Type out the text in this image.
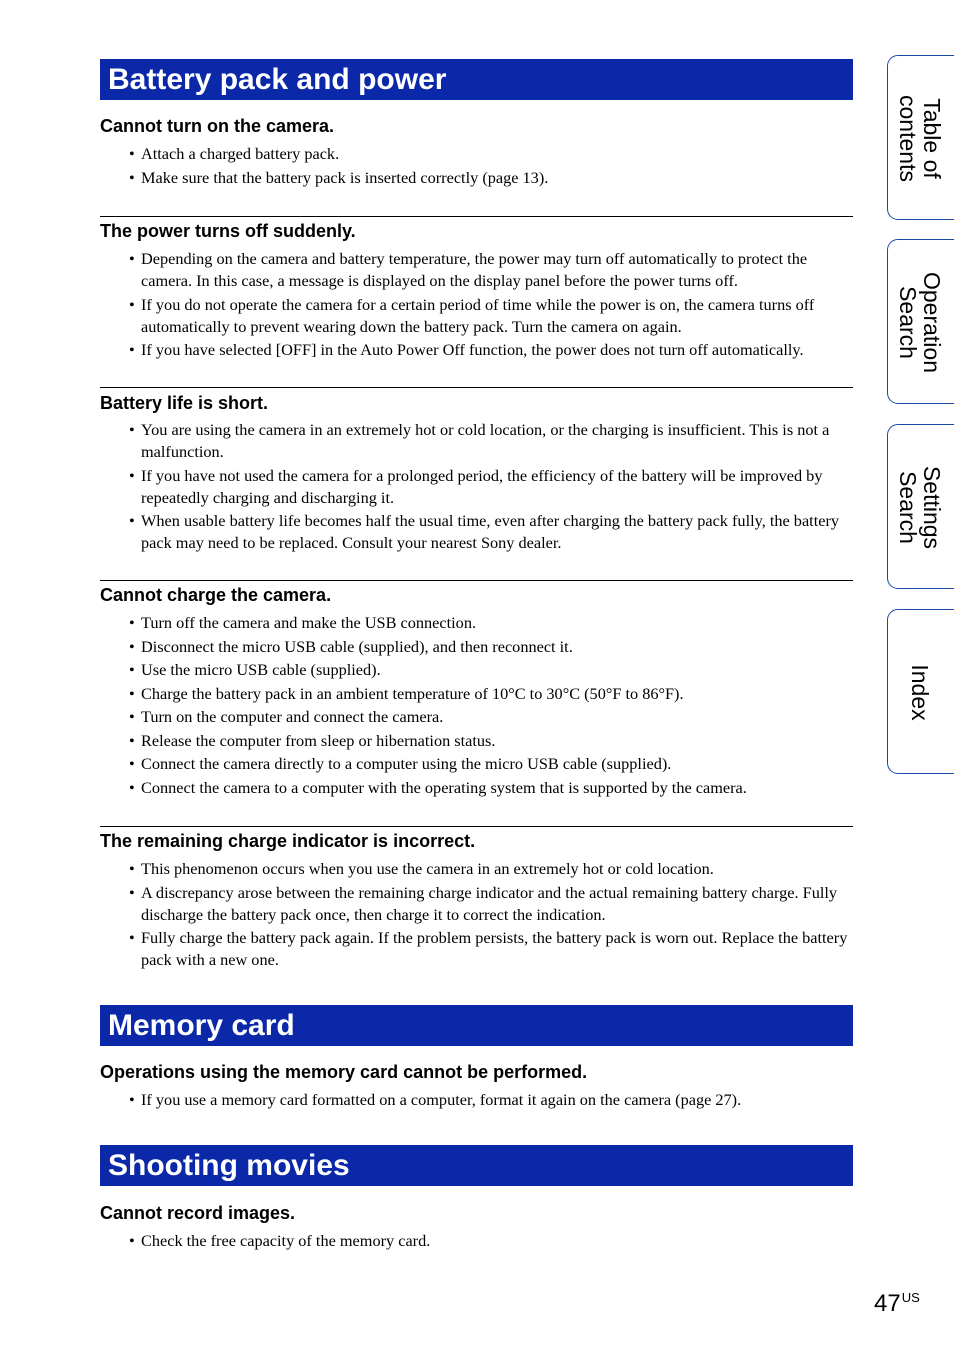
Battery pack and power
Cannot turn on the camera.
• Attach a charged battery pack.
• Make sure that the battery pack is inserted correctly (page 13).
The power turns off suddenly.
• Depending on the camera and battery temperature, the power may turn off automatically to protect the camera. In this case, a message is displayed on the display panel before the power turns off.
• If you do not operate the camera for a certain period of time while the power is on, the camera turns off automatically to prevent wearing down the battery pack. Turn the camera on again.
• If you have selected [OFF] in the Auto Power Off function, the power does not turn off automatically.
Battery life is short.
• You are using the camera in an extremely hot or cold location, or the charging is insufficient. This is not a malfunction.
• If you have not used the camera for a prolonged period, the efficiency of the battery will be improved by repeatedly charging and discharging it.
• When usable battery life becomes half the usual time, even after charging the battery pack fully, the battery pack may need to be replaced. Consult your nearest Sony dealer.
Cannot charge the camera.
• Turn off the camera and make the USB connection.
• Disconnect the micro USB cable (supplied), and then reconnect it.
• Use the micro USB cable (supplied).
• Charge the battery pack in an ambient temperature of 10°C to 30°C (50°F to 86°F).
• Turn on the computer and connect the camera.
• Release the computer from sleep or hibernation status.
• Connect the camera directly to a computer using the micro USB cable (supplied).
• Connect the camera to a computer with the operating system that is supported by the camera.
The remaining charge indicator is incorrect.
• This phenomenon occurs when you use the camera in an extremely hot or cold location.
• A discrepancy arose between the remaining charge indicator and the actual remaining battery charge. Fully discharge the battery pack once, then charge it to correct the indication.
• Fully charge the battery pack again. If the problem persists, the battery pack is worn out. Replace the battery pack with a new one.
Memory card
Operations using the memory card cannot be performed.
• If you use a memory card formatted on a computer, format it again on the camera (page 27).
Shooting movies
Cannot record images.
• Check the free capacity of the memory card.
Table of
contents
Operation
Search
Settings
Search
Index
$47^{US}$
